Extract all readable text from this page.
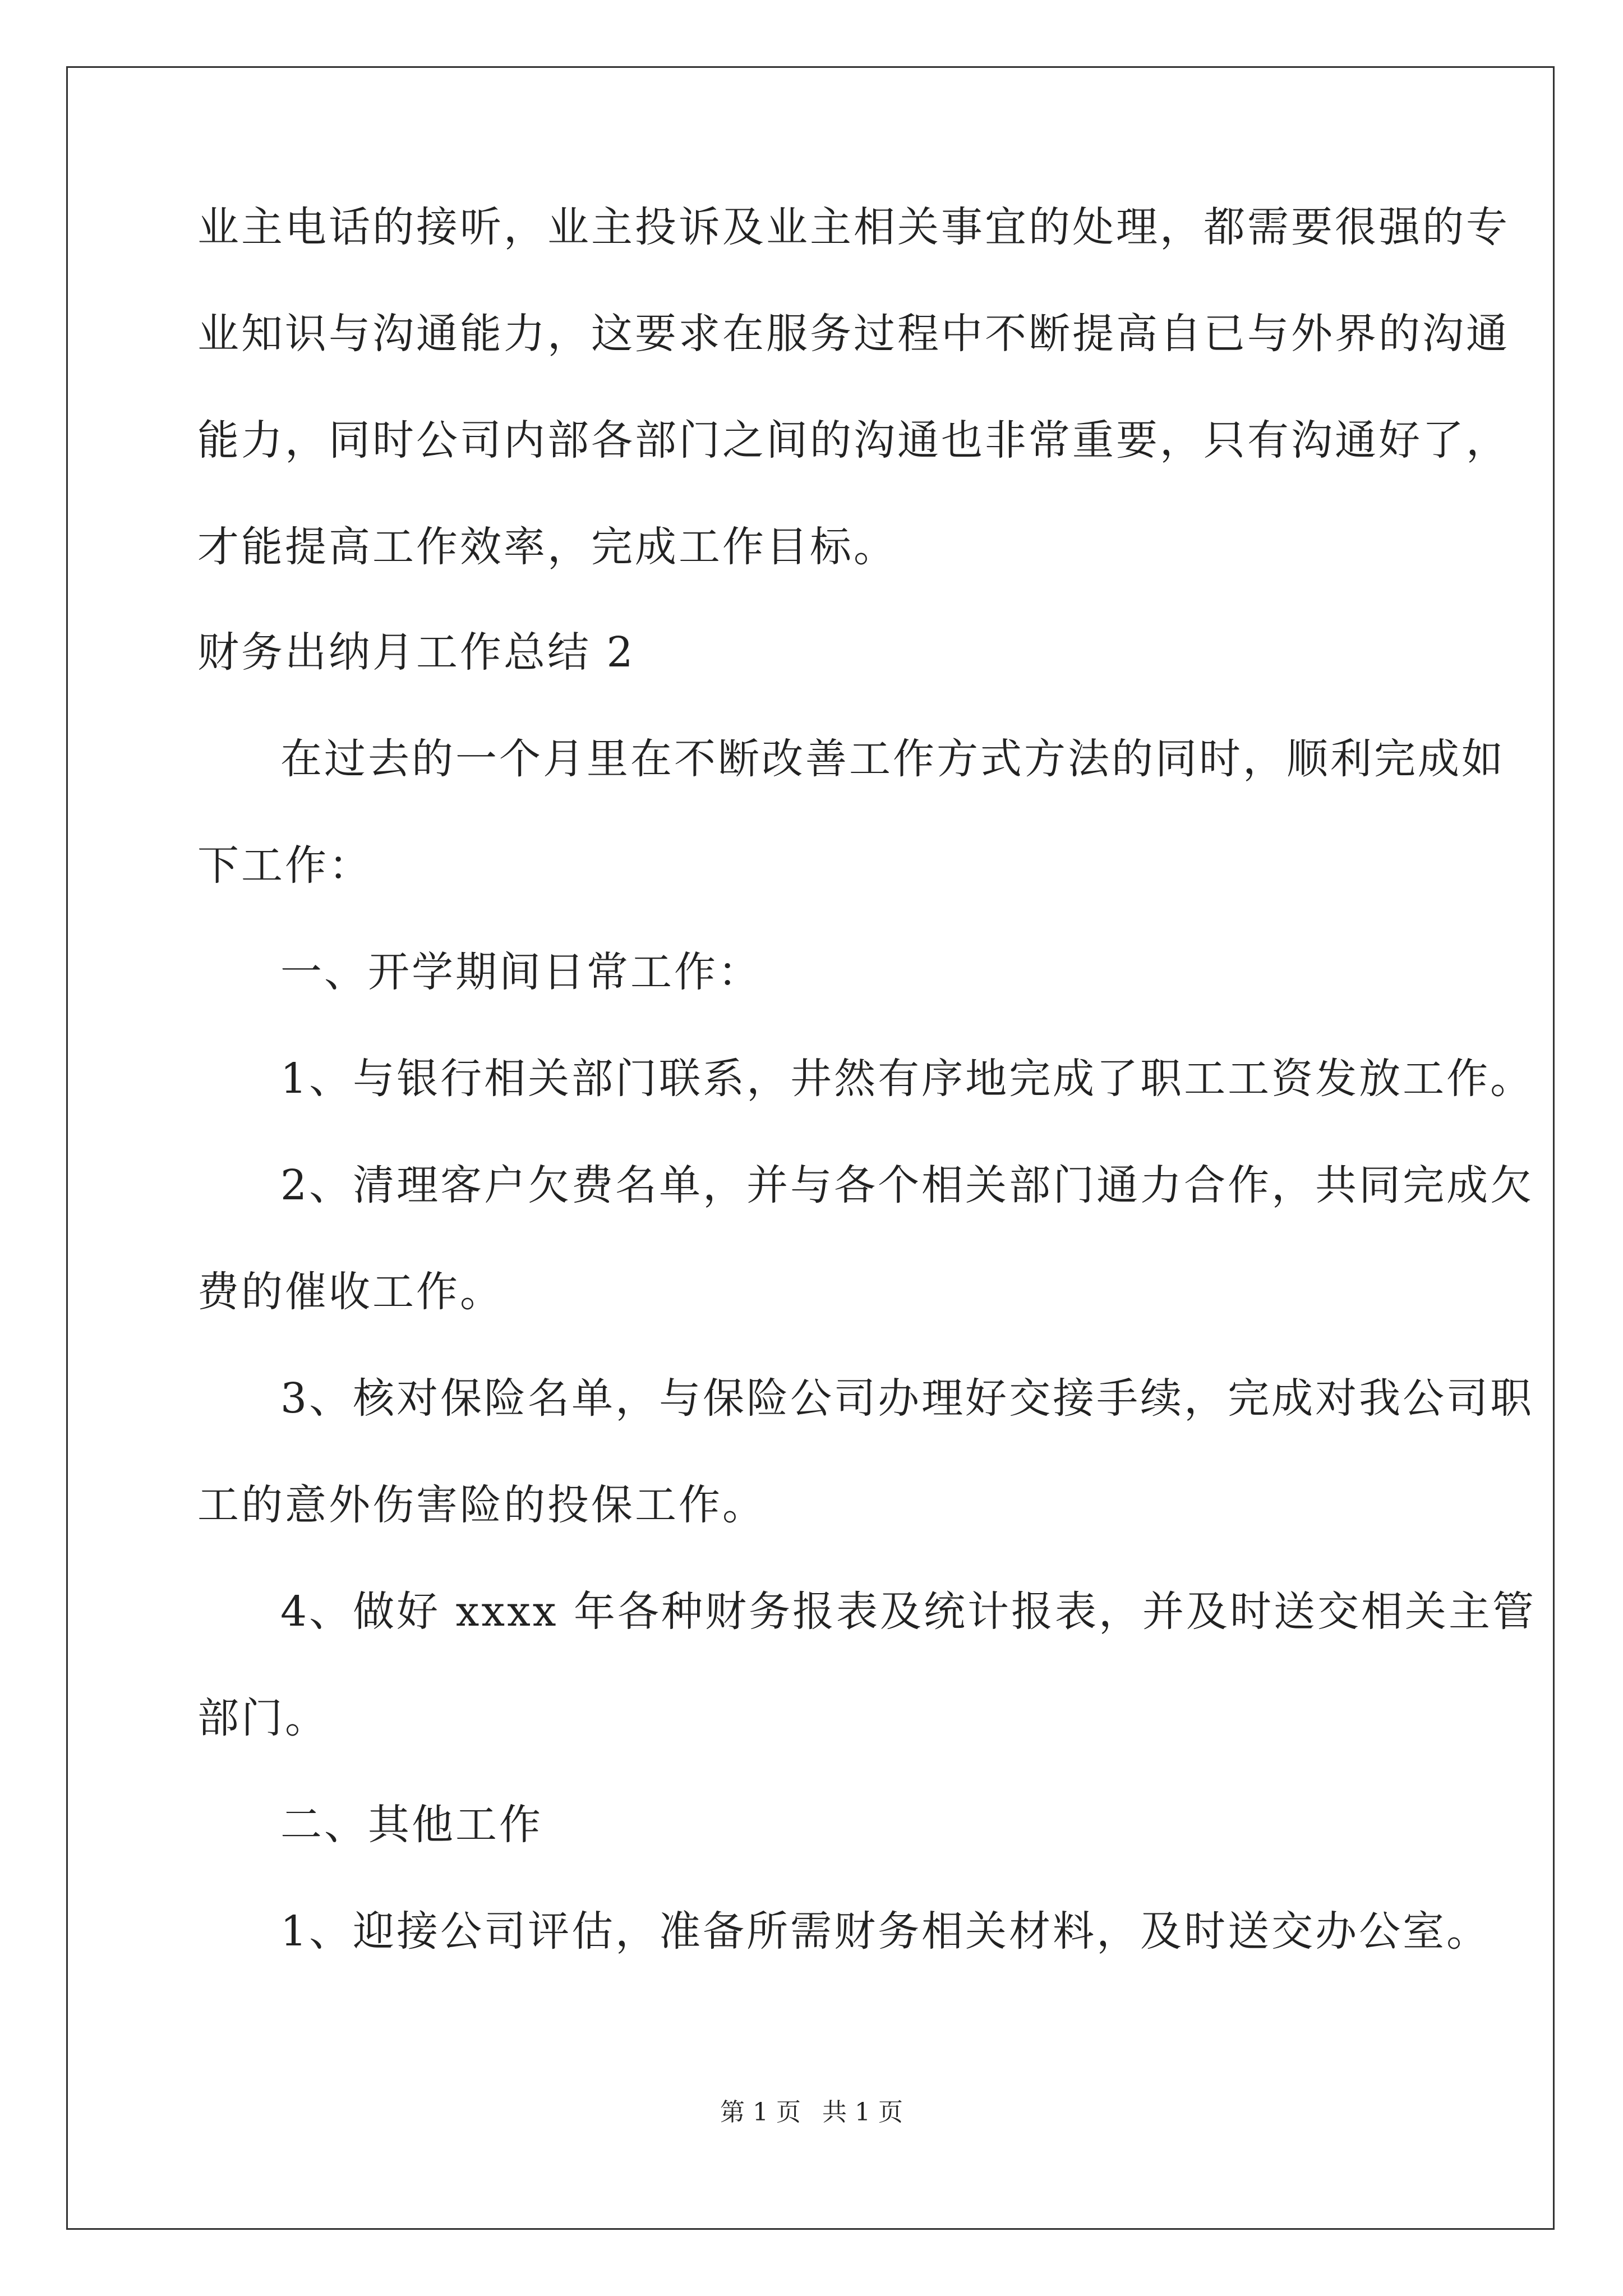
业主电话的接听，业主投诉及业主相关事宜的处理，都需要很强的专
业知识与沟通能力，这要求在服务过程中不断提高自已与外界的沟通
能力，同时公司内部各部门之间的沟通也非常重要，只有沟通好了，
才能提高工作效率，完成工作目标。
财务出纳月工作总结 2
在过去的一个月里在不断改善工作方式方法的同时，顺利完成如
下工作：
一、开学期间日常工作：
1、与银行相关部门联系，井然有序地完成了职工工资发放工作。
2、清理客户欠费名单，并与各个相关部门通力合作，共同完成欠
费的催收工作。
3、核对保险名单，与保险公司办理好交接手续，完成对我公司职
工的意外伤害险的投保工作。
4、做好 xxxx 年各种财务报表及统计报表，并及时送交相关主管
部门。
二、其他工作
1、迎接公司评估，准备所需财务相关材料，及时送交办公室。
第 1 页 共 1 页
